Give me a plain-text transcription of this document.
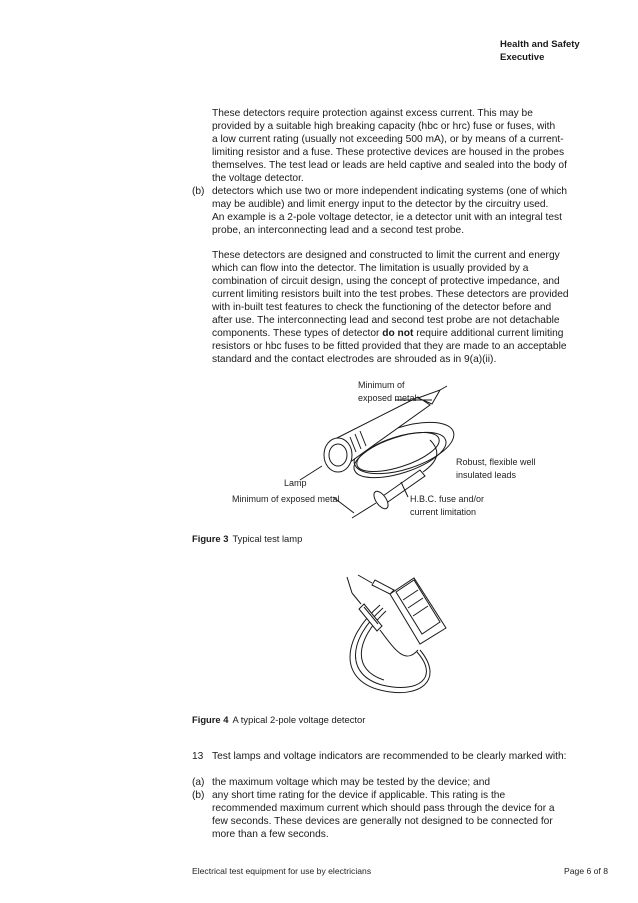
Health and Safety
Executive

These detectors require protection against excess current. This may be

provided by a suitable high breaking capacity (hbc or hrc) fuse or fuses, with

a low current rating (usually not exceeding 500 mA), or by means of a current-

limiting resistor and a fuse. These protective devices are housed in the probes

themselves. The test lead or leads are held captive and sealed into the body of

the voltage detector.

(b) detectors which use two or more independent indicating systems (one of which

may be audible) and limit energy input to the detector by the circuitry used.

An example is a 2-pole voltage detector, ie a detector unit with an integral test

probe, an interconnecting lead and a second test probe.

These detectors are designed and constructed to limit the current and energy

which can flow into the detector. The limitation is usually provided by a

combination of circuit design, using the concept of protective impedance, and

current limiting resistors built into the test probes. These detectors are provided

with in-built test features to check the functioning of the detector before and

after use. The interconnecting lead and second test probe are not detachable

components. These types of detector do not require additional current limiting

resistors or hbc fuses to be fitted provided that they are made to an acceptable

standard and the contact electrodes are shrouded as in 9(a)(ii).

Minimum of
exposed metal
Robust, flexible well
insulated leads
Lamp
Minimum of exposed metal	H.B.C. fuse and/or
current limitation
Figure 3 Typical test lamp
Figure 4 A typical 2-pole voltage detector
13 Test lamps and voltage indicators are recommended to be clearly marked with:

(a) the maximum voltage which may be tested by the device; and

(b) any short time rating for the device if applicable. This rating is the

recommended maximum current which should pass through the device for a

few seconds. These devices are generally not designed to be connected for

more than a few seconds.

Electrical test equipment for use by electricians	Page 6 of 8
